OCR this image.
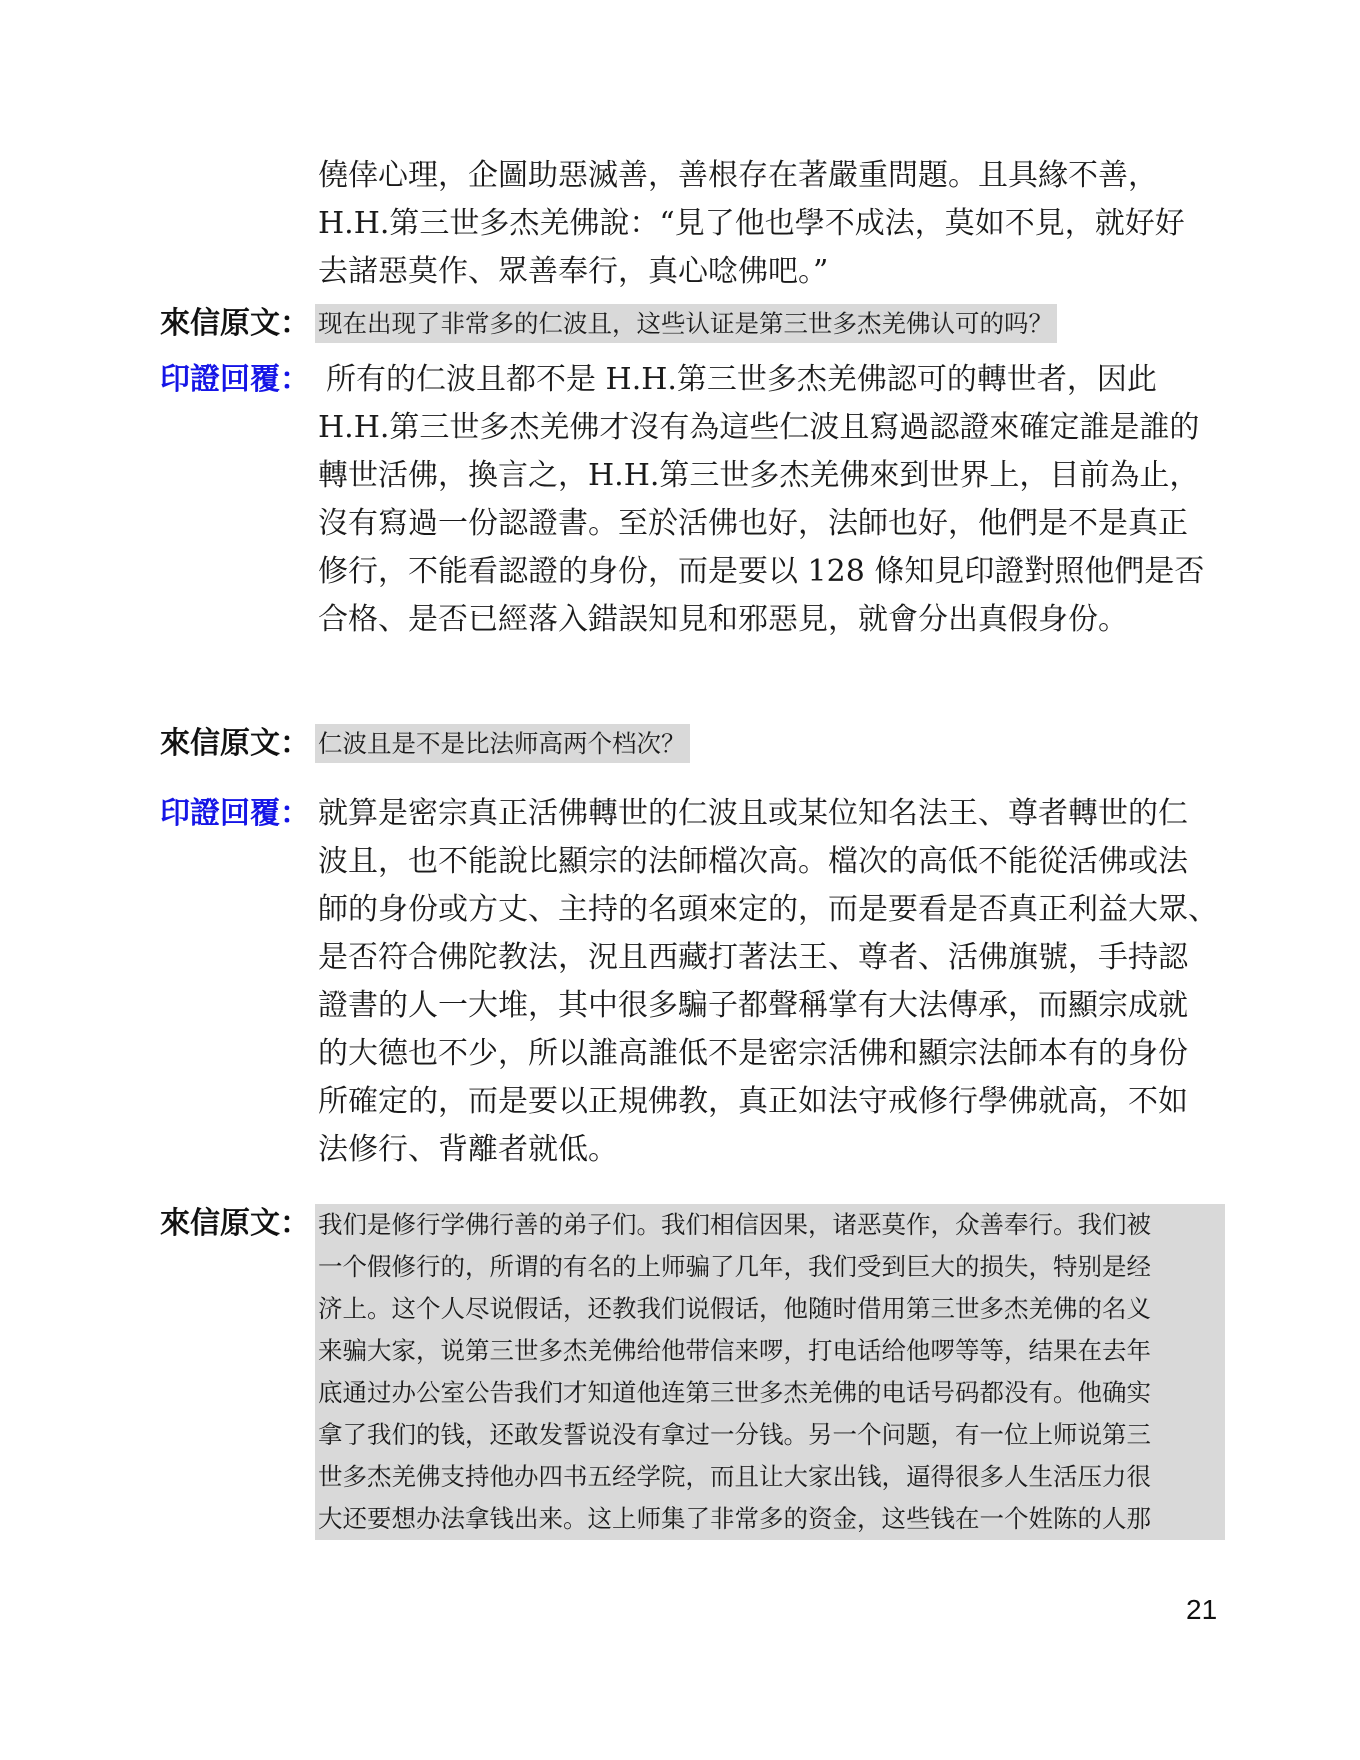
僥倖心理，企圖助惡滅善，善根存在著嚴重問題。且具緣不善，
H.H.第三世多杰羌佛說：“見了他也學不成法，莫如不見，就好好
去諸惡莫作、眾善奉行，真心唸佛吧。”
來信原文： 现在出现了非常多的仁波且，这些认证是第三世多杰羌佛认可的吗？
印證回覆： 所有的仁波且都不是 H.H.第三世多杰羌佛認可的轉世者，因此
H.H.第三世多杰羌佛才沒有為這些仁波且寫過認證來確定誰是誰的
轉世活佛，換言之，H.H.第三世多杰羌佛來到世界上，目前為止，
沒有寫過一份認證書。至於活佛也好，法師也好，他們是不是真正
修行，不能看認證的身份，而是要以 128 條知見印證對照他們是否
合格、是否已經落入錯誤知見和邪惡見，就會分出真假身份。
來信原文： 仁波且是不是比法师高两个档次？
印證回覆： 就算是密宗真正活佛轉世的仁波且或某位知名法王、尊者轉世的仁
波且，也不能說比顯宗的法師檔次高。檔次的高低不能從活佛或法
師的身份或方丈、主持的名頭來定的，而是要看是否真正利益大眾、
是否符合佛陀教法，況且西藏打著法王、尊者、活佛旗號，手持認
證書的人一大堆，其中很多騙子都聲稱掌有大法傳承，而顯宗成就
的大德也不少，所以誰高誰低不是密宗活佛和顯宗法師本有的身份
所確定的，而是要以正規佛教，真正如法守戒修行學佛就高，不如
法修行、背離者就低。
來信原文： 我们是修行学佛行善的弟子们。我们相信因果，诸恶莫作，众善奉行。我们被
一个假修行的，所谓的有名的上师骗了几年，我们受到巨大的损失，特别是经
济上。这个人尽说假话，还教我们说假话，他随时借用第三世多杰羌佛的名义
来骗大家，说第三世多杰羌佛给他带信来啰，打电话给他啰等等，结果在去年
底通过办公室公告我们才知道他连第三世多杰羌佛的电话号码都没有。他确实
拿了我们的钱，还敢发誓说没有拿过一分钱。另一个问题，有一位上师说第三
世多杰羌佛支持他办四书五经学院，而且让大家出钱，逼得很多人生活压力很
大还要想办法拿钱出来。这上师集了非常多的资金，这些钱在一个姓陈的人那
21
